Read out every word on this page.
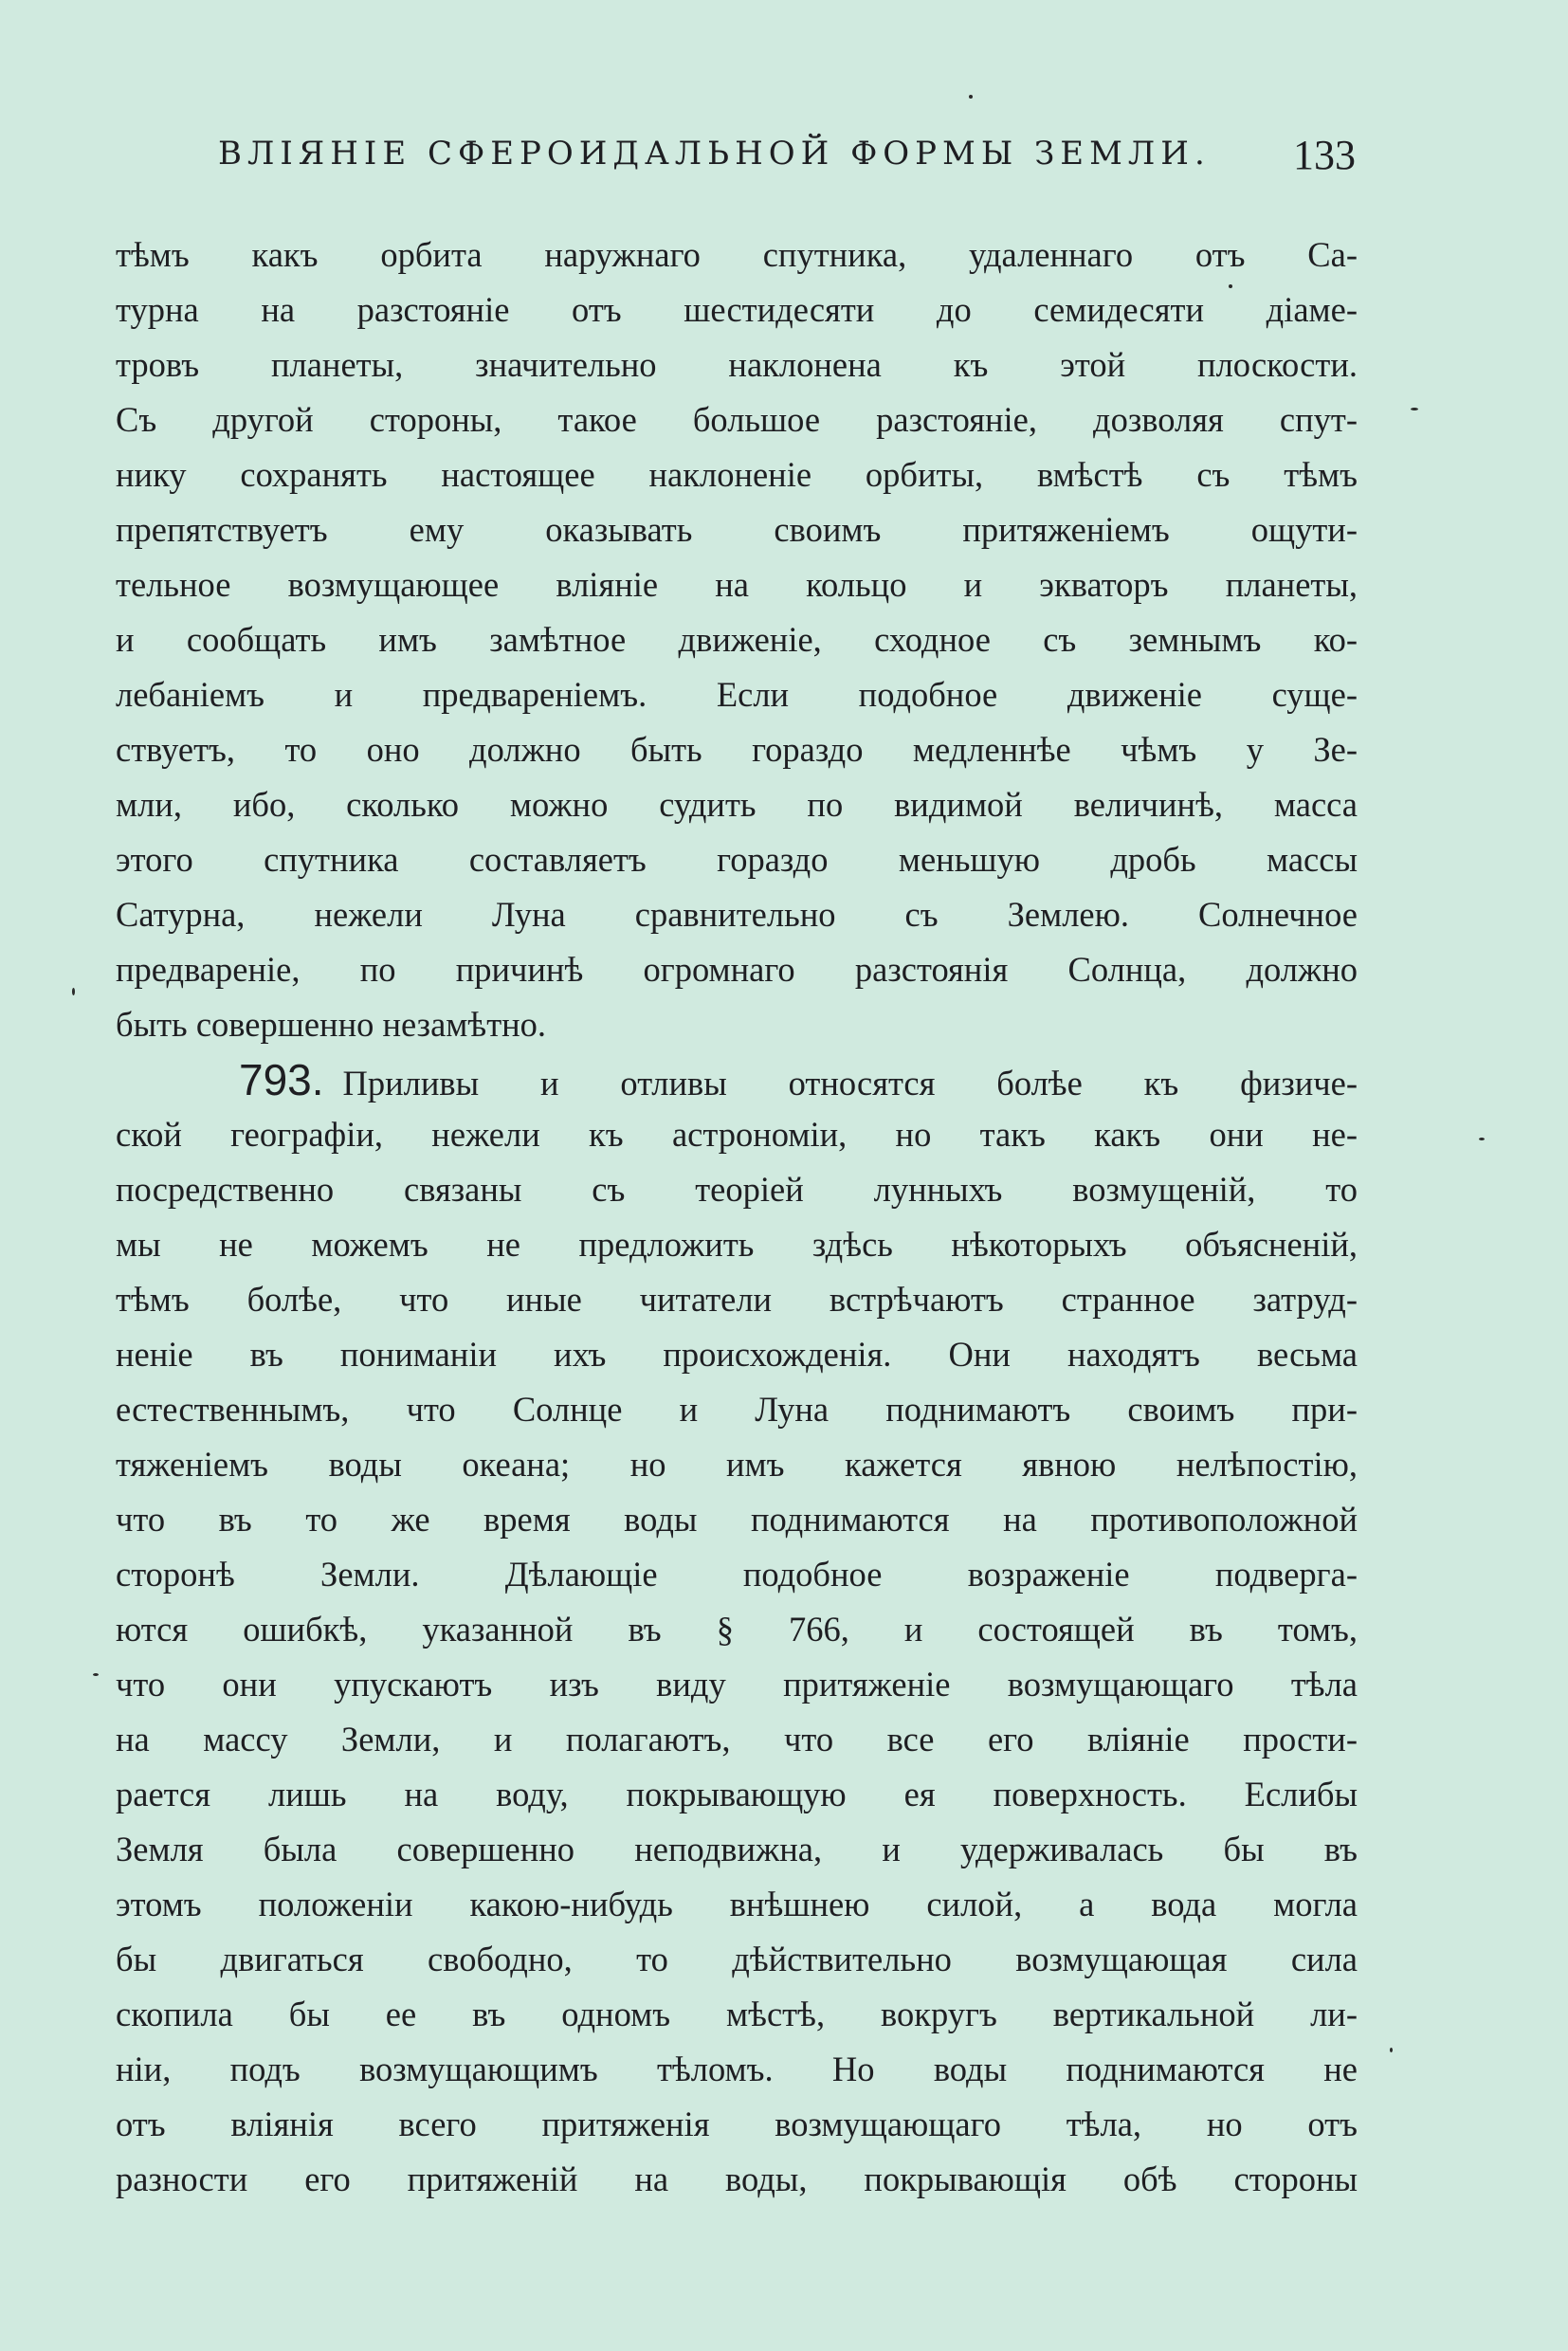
ВЛІЯНІЕ СФЕРОИДАЛЬНОЙ ФОРМЫ ЗЕМЛИ. 133
тѣмъ какъ орбита наружнаго спутника, удаленнаго отъ Са-
турна на разстояніе отъ шестидесяти до семидесяти діаме-
тровъ планеты, значительно наклонена къ этой плоскости.
Съ другой стороны, такое большое разстояніе, дозволяя спут-
нику сохранять настоящее наклоненіе орбиты, вмѣстѣ съ тѣмъ
препятствуетъ ему оказывать своимъ притяженіемъ ощути-
тельное возмущающее вліяніе на кольцо и экваторъ планеты,
и сообщать имъ замѣтное движеніе, сходное съ земнымъ ко-
лебаніемъ и предвареніемъ. Если подобное движеніе суще-
ствуетъ, то оно должно быть гораздо медленнѣе чѣмъ у Зе-
мли, ибо, сколько можно судить по видимой величинѣ, масса
этого спутника составляетъ гораздо меньшую дробь массы
Сатурна, нежели Луна сравнительно съ Землею. Солнечное
предвареніе, по причинѣ огромнаго разстоянія Солнца, должно
быть совершенно незамѣтно.
793. Приливы и отливы относятся болѣе къ физиче-
ской географіи, нежели къ астрономіи, но такъ какъ они не-
посредственно связаны съ теоріей лунныхъ возмущеній, то
мы не можемъ не предложить здѣсь нѣкоторыхъ объясненій,
тѣмъ болѣе, что иные читатели встрѣчаютъ странное затруд-
неніе въ пониманіи ихъ происхожденія. Они находятъ весьма
естественнымъ, что Солнце и Луна поднимаютъ своимъ при-
тяженіемъ воды океана; но имъ кажется явною нелѣпостію,
что въ то же время воды поднимаются на противоположной
сторонѣ Земли. Дѣлающіе подобное возраженіе подверга-
ются ошибкѣ, указанной въ § 766, и состоящей въ томъ,
что они упускаютъ изъ виду притяженіе возмущающаго тѣла
на массу Земли, и полагаютъ, что все его вліяніе прости-
рается лишь на воду, покрывающую ея поверхность. Еслибы
Земля была совершенно неподвижна, и удерживалась бы въ
этомъ положеніи какою-нибудь внѣшнею силой, а вода могла
бы двигаться свободно, то дѣйствительно возмущающая сила
скопила бы ее въ одномъ мѣстѣ, вокругъ вертикальной ли-
ніи, подъ возмущающимъ тѣломъ. Но воды поднимаются не
отъ вліянія всего притяженія возмущающаго тѣла, но отъ
разности его притяженій на воды, покрывающія обѣ стороны
